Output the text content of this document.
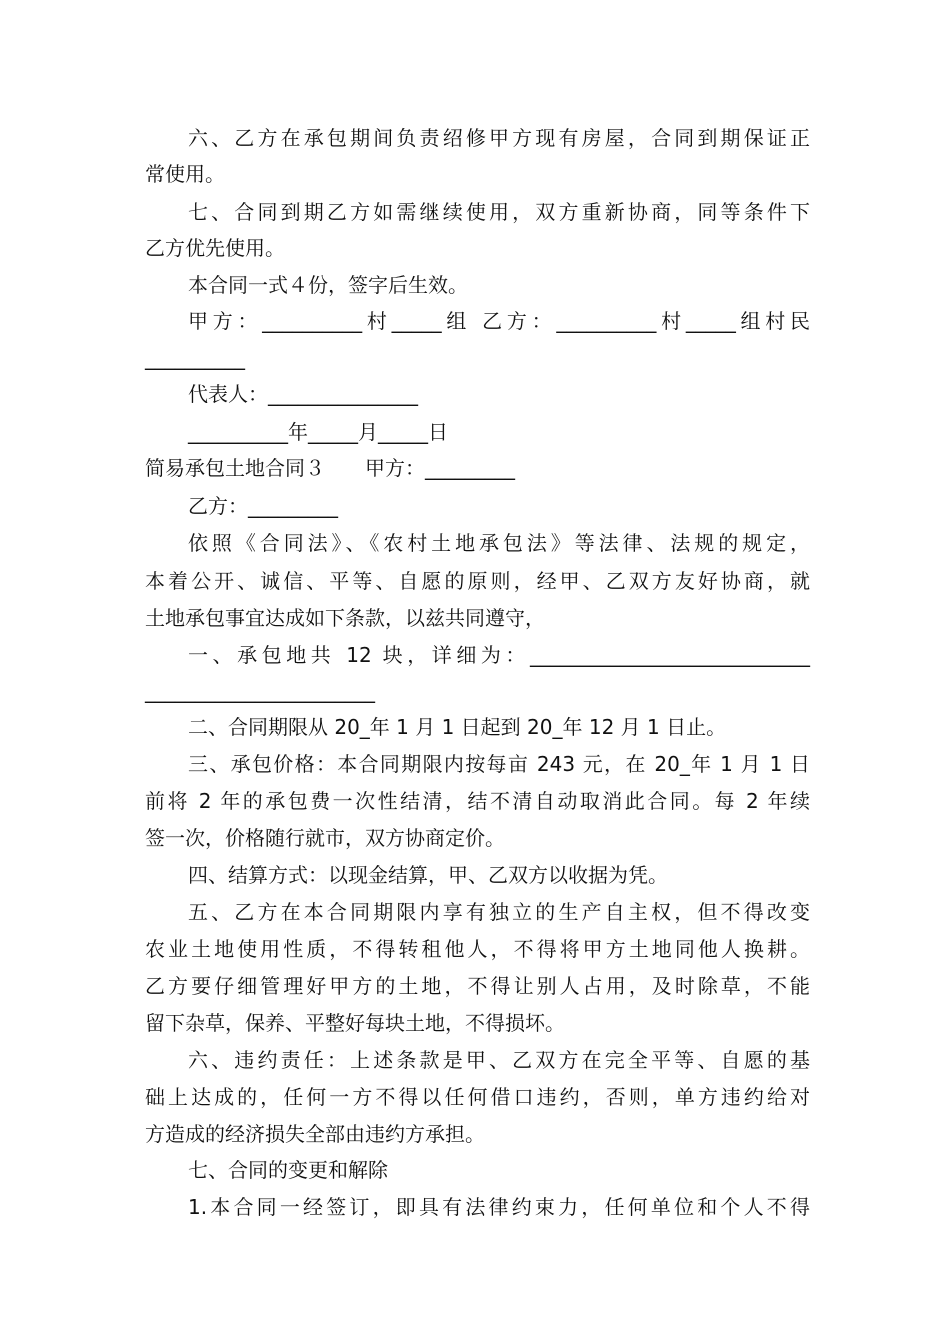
六、乙方在承包期间负责绍修甲方现有房屋，合同到期保证正
常使用。
七、合同到期乙方如需继续使用，双方重新协商，同等条件下
乙方优先使用。
本合同一式４份，签字后生效。
甲方：__________村_____组 乙方：__________村_____组村民
__________
代表人：_______________
__________年_____月_____日
简易承包土地合同３　　甲方：_________
乙方：_________
依照《合同法》、《农村土地承包法》等法律、法规的规定，
本着公开、诚信、平等、自愿的原则，经甲、乙双方友好协商，就
土地承包事宜达成如下条款，以兹共同遵守，
一、承包地共 12 块，详细为：____________________________
_______________________
二、合同期限从 20_年 1 月 1 日起到 20_年 12 月 1 日止。
三、承包价格：本合同期限内按每亩 243 元，在 20_年 1 月 1 日
前将 2 年的承包费一次性结清，结不清自动取消此合同。每 2 年续
签一次，价格随行就市，双方协商定价。
四、结算方式：以现金结算，甲、乙双方以收据为凭。
五、乙方在本合同期限内享有独立的生产自主权，但不得改变
农业土地使用性质，不得转租他人，不得将甲方土地同他人换耕。
乙方要仔细管理好甲方的土地，不得让别人占用，及时除草，不能
留下杂草，保养、平整好每块土地，不得损坏。
六、违约责任：上述条款是甲、乙双方在完全平等、自愿的基
础上达成的，任何一方不得以任何借口违约，否则，单方违约给对
方造成的经济损失全部由违约方承担。
七、合同的变更和解除
1.本合同一经签订，即具有法律约束力，任何单位和个人不得
